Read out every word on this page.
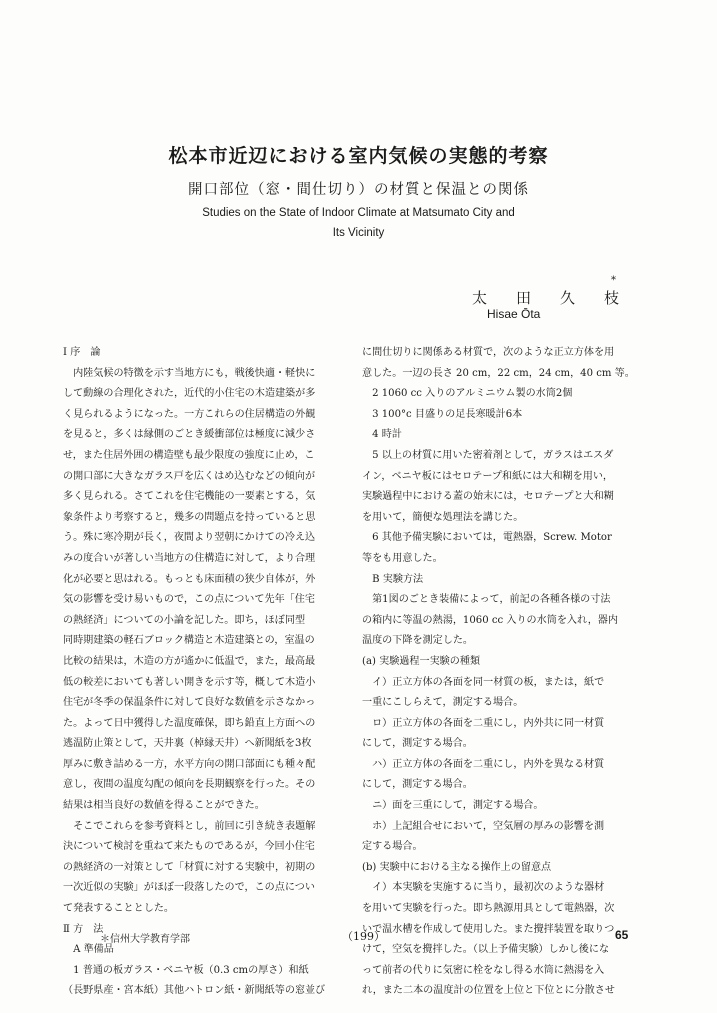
松本市近辺における室内気候の実態的考察
開口部位（窓・間仕切り）の材質と保温との関係
Studies on the State of Indoor Climate at Matsumato City and
Its Vicinity
太田久枝
*
Hisae Ōta

Ⅰ 序　論

　内陸気候の特徴を示す当地方にも，戦後快適・軽快に

して動線の合理化された，近代的小住宅の木造建築が多

く見られるようになった。一方これらの住居構造の外観

を見ると，多くは縁側のごとき緩衝部位は極度に減少さ

せ，また住居外囲の構造壁も最少限度の強度に止め，こ

の開口部に大きなガラス戸を広くはめ込むなどの傾向が

多く見られる。さてこれを住宅機能の一要素とする，気

象条件より考察すると，幾多の問題点を持っていると思

う。殊に寒冷期が長く，夜間より翌朝にかけての冷え込

みの度合いが著しい当地方の住構造に対して，より合理

化が必要と思はれる。もっとも床面積の狭少自体が，外

気の影響を受け易いもので，この点について先年「住宅

の熱経済」についての小論を記した。即ち，ほぼ同型

同時期建築の軽石ブロック構造と木造建築との，室温の

比較の結果は，木造の方が遙かに低温で，また，最高最

低の較差においても著しい開きを示す等，概して木造小

住宅が冬季の保温条件に対して良好な数値を示さなかっ

た。よって日中獲得した温度確保，即ち鉛直上方面への

逃温防止策として，天井裏（棹縁天井）へ新聞紙を3枚

厚みに敷き詰める一方，水平方向の開口部面にも種々配

意し，夜間の温度勾配の傾向を長期観察を行った。その

結果は相当良好の数値を得ることができた。

　そこでこれらを参考資料とし，前回に引き続き表題解

決について検討を重ねて来たものであるが，今回小住宅

の熱経済の一対策として「材質に対する実験中，初期の

一次近似の実験」がほぼ一段落したので，この点につい

て発表することとした。

Ⅱ 方　法

　A 準備品

　1 普通の板ガラス・ベニヤ板（0.3 cmの厚さ）和紙

（長野県産・宮本紙）其他ハトロン紙・新聞紙等の窓並び

に間仕切りに関係ある材質で，次のような正立方体を用

意した。一辺の長さ 20 cm，22 cm，24 cm，40 cm 等。

　2 1060 cc 入りのアルミニウム製の水筒2個

　3 100°c 目盛りの足長寒暖計6本

　4 時計

　5 以上の材質に用いた密着剤として，ガラスはエスダ

イン，ベニヤ板にはセロテープ和紙には大和糊を用い，

実験過程中における蓋の始末には，セロテープと大和糊

を用いて，簡便な処理法を講じた。

　6 其他予備実験においては，電熱器，Screw. Motor

等をも用意した。

　B 実験方法

　第1図のごとき装備によって，前記の各種各様の寸法

の箱内に等温の熱湯，1060 cc 入りの水筒を入れ，器内

温度の下降を測定した。

(a) 実験過程一実験の種類

　イ）正立方体の各面を同一材質の板，または，紙で

一重にこしらえて，測定する場合。

　ロ）正立方体の各面を二重にし，内外共に同一材質

にして，測定する場合。

　ハ）正立方体の各面を二重にし，内外を異なる材質

にして，測定する場合。

　ニ）面を三重にして，測定する場合。

　ホ）上記組合せにおいて，空気層の厚みの影響を測

定する場合。

(b) 実験中における主なる操作上の留意点

　イ）本実験を実施するに当り，最初次のような器材

を用いて実験を行った。即ち熱源用具として電熱器，次

いで温水槽を作成して使用した。また攪拌装置を取りつ

けて，空気を攪拌した。（以上予備実験）しかし後にな

って前者の代りに気密に栓をなし得る水筒に熱湯を入

れ，また二本の温度計の位置を上位と下位とに分散させ

＊信州大学教育学部	（199）	65
